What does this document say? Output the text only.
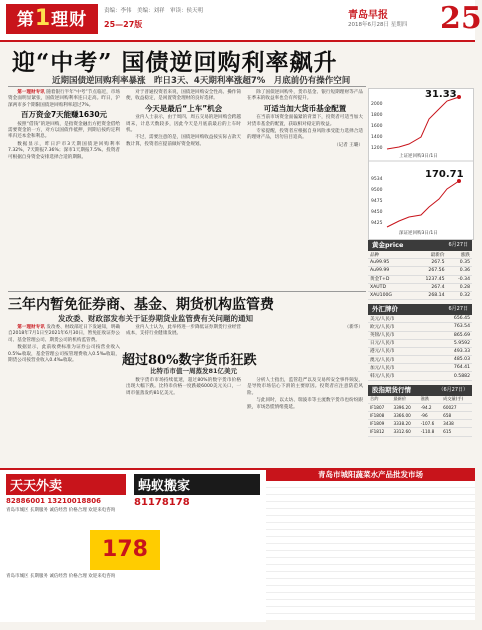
第1理财	责编：李伟　美编：刘祥　审读：侯天明
25—27版
青岛早报
2018年6月28日 星期四 25
迎“中考” 国债逆回购利率飙升
近期国债逆回购利率暴涨　昨日3天、4天期利率涨超7%　月底前仍有操作空间

第一理财专讯 随着银行半年“中考”节点临近，市场资金面明显紧张，国债逆回购利率连日走高。昨日，沪深两市多个期限国债逆回购利率超过7%。

百万资金7天能赚1630元

按照“借钱”的逆回购，是指资金融出方把资金借给需要资金的一方，对方以国债作抵押，到期后按约定利率归还本金和利息。

数据显示，昨日沪市3天期国债逆回购利率7.32%，7天期报7.36%；深市1天期报7.5%。投资者可根据自身资金安排选择合适的期限。

对于普通投资者来说，国债逆回购安全性高、操作简便，收益稳定，是闲置资金理财的良好选择。

今天是最后“上车”机会

业内人士表示，由于周四、周五交易的逆回购会跨越周末，计息天数较多，因此今天是月底前最后的上车时机。

不过，需要注意的是，国债逆回购收益按实际占款天数计算，投资者应提前做好资金规划。

除了国债逆回购外，货币基金、银行短期理财等产品在季末的收益率也会有所提升。

可适当加大货币基金配置

在当前市场资金面偏紧的背景下，投资者可适当加大对货币基金的配置，获取相对稳定的收益。

专家提醒，投资者应根据自身风险承受能力选择合适的理财产品，切勿盲目追高。

（记者 王璐）

2000
1800
1600
1400
1200
31.33
上证逆回购3日/1日
9534
9500
9475
9450
9425
170.71
深证逆回购3日/1日
黄金price	6月27日
品种	最新价	涨跌
Au99.95	267.5	0.35
Au99.99	267.56	0.36
黄金T+D	1237.45	-0.34
XAUTD	267.4	0.28
XAU100G	268.14	0.32
外汇牌价	6月27日
美元/人民币	656.45
欧元/人民币	763.54
英镑/人民币	865.69
日元/人民币	5.9592
港元/人民币	493.33
澳元/人民币	485.03
加元/人民币	764.41
韩元/人民币	0.5882
股指期货行情	（6月27日）
合约	最新价	涨跌	成交量(手)
IF1807	3396.20	-94.2	60027
IF1808	3366.00	-96	658
IF1809	3338.20	-107.6	3438
IF1812	3312.60	-110.8	615
三年内暂免征券商、基金、期货机构监管费
发改委、财政部发布关于证券期货业监管费有关问题的通知

第一理财专讯 发改委、财政部近日下发通知，明确自2018年7月1日至2021年6月30日，暂免征收证券公司、基金管理公司、期货公司的机构监管费。

数据显示，此前收费标准为证券公司按营业收入0.5‰收取，基金管理公司按管理费收入0.5‰收取，期货公司按营业收入0.4‰收取。

业内人士认为，此举将进一步降低证券期货行业经营成本，支持行业健康发展。

（新华）

超过80%数字货币狂跌
比特币市值一周蒸发81亿美元

数字货币市场持续低迷，超过80%的数字货币价格出现大幅下跌。比特币价格一度跌破6000美元关口，一周市值蒸发约81亿美元。

分析人士指出，监管趋严以及交易所安全事件频发，是导致市场信心下滑的主要原因。投资者应注意防范风险。

与此同时，以太坊、瑞波币等主流数字货币也纷纷跟跌，市场恐慌情绪蔓延。

天天外卖
82886001 13210018806
青岛市城区 长期服务 诚信经营 价格合理 欢迎来电咨询
蚂蚁搬家
81178178
178
青岛市城区 长期服务 诚信经营 价格合理 欢迎来电咨询
青岛市城阳蔬菜水产品批发市场
